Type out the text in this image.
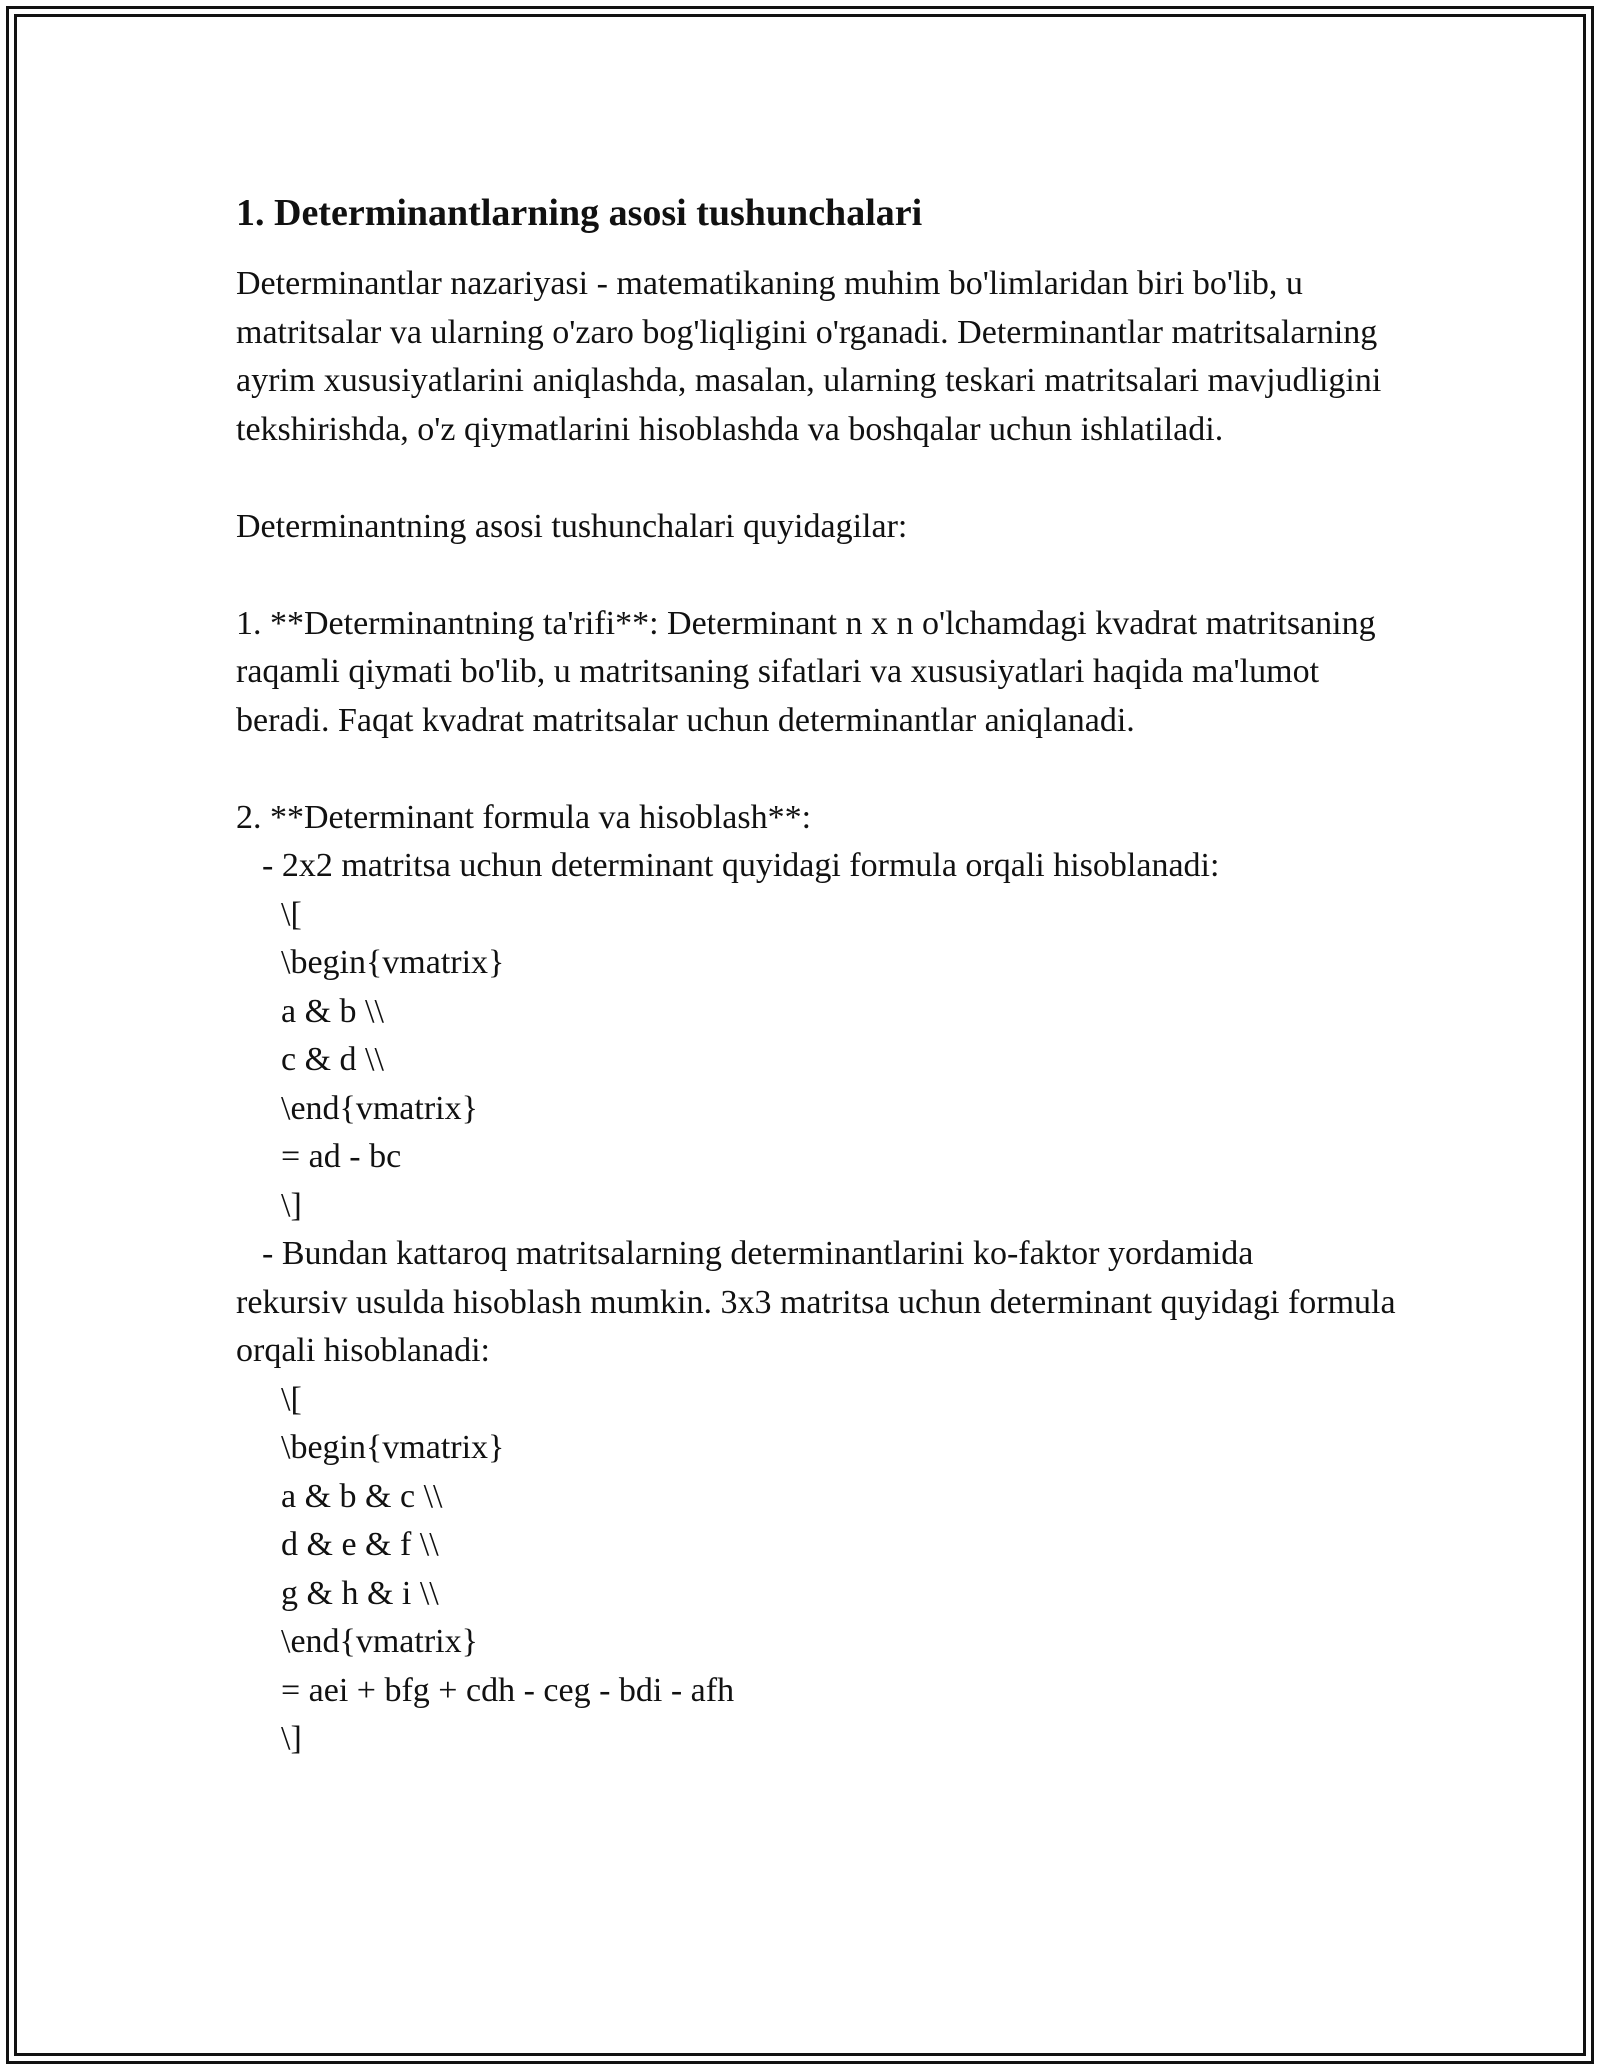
1. Determinantlarning asosi tushunchalari

Determinantlar nazariyasi - matematikaning muhim bo'limlaridan biri bo'lib, u matritsalar va ularning o'zaro bog'liqligini o'rganadi. Determinantlar matritsalarning ayrim xususiyatlarini aniqlashda, masalan, ularning teskari matritsalari mavjudligini tekshirishda, o'z qiymatlarini hisoblashda va boshqalar uchun ishlatiladi.

Determinantning asosi tushunchalari quyidagilar:

1. **Determinantning ta'rifi**: Determinant n x n o'lchamdagi kvadrat matritsaning raqamli qiymati bo'lib, u matritsaning sifatlari va xususiyatlari haqida ma'lumot beradi. Faqat kvadrat matritsalar uchun determinantlar aniqlanadi.

2. **Determinant formula va hisoblash**:

- 2x2 matritsa uchun determinant quyidagi formula orqali hisoblanadi:

\[

\begin{vmatrix}

a & b \\

c & d \\

\end{vmatrix}

= ad - bc

\]

- Bundan kattaroq matritsalarning determinantlarini ko-faktor yordamida

rekursiv usulda hisoblash mumkin. 3x3 matritsa uchun determinant quyidagi formula orqali hisoblanadi:

\[

\begin{vmatrix}

a & b & c \\

d & e & f \\

g & h & i \\

\end{vmatrix}

= aei + bfg + cdh - ceg - bdi - afh

\]
